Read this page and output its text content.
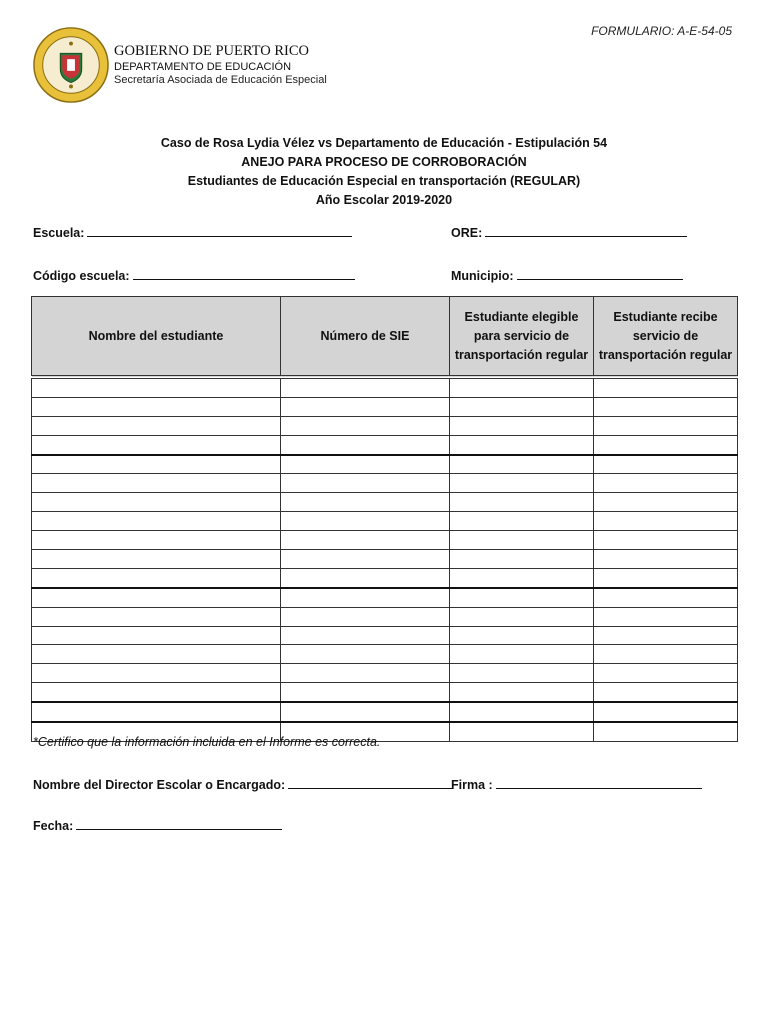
FORMULARIO: A-E-54-05
GOBIERNO DE PUERTO RICO
DEPARTAMENTO DE EDUCACIÓN
Secretaría Asociada de Educación Especial
Caso de Rosa Lydia Vélez vs Departamento de Educación - Estipulación 54
ANEJO PARA PROCESO DE CORROBORACIÓN
Estudiantes de Educación Especial en transportación (REGULAR)
Año Escolar 2019-2020
Escuela:	ORE:
Código escuela:	Municipio:
Nombre del estudiante	Número de SIE	Estudiante elegible para servicio de transportación regular	Estudiante recibe servicio de transportación regular

*Certifico que la información incluida en el Informe es correcta.
Nombre del Director Escolar o Encargado:	Firma :
Fecha:
